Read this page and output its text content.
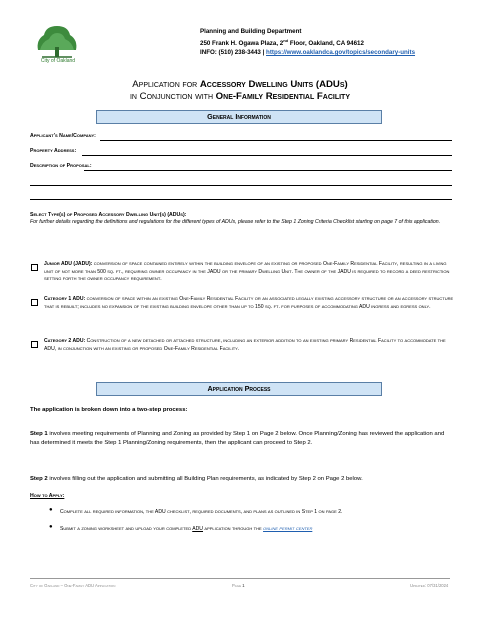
City of Oakland
Planning and Building Department
250 Frank H. Ogawa Plaza, 2nd Floor, Oakland, CA 94612
INFO: (510) 238-3443 | https://www.oaklandca.gov/topics/secondary-units
Application for Accessory Dwelling Units (ADUs)
in Conjunction with One-Family Residential Facility
General Information
Applicant's Name/Company:
Property Address:
Description of Proposal:
Select Type(s) of Proposed Accessory Dwelling Unit(s) (ADUs):
For further details regarding the definitions and regulations for the different types of ADUs, please refer to the Step 1 Zoning Criteria Checklist starting on page 7 of this application.
Junior ADU (JADU): conversion of space contained entirely within the building envelope of an existing or proposed One-Family Residential Facility, resulting in a living unit of not more than 500 sq. ft., requiring owner occupancy in the JADU or the primary Dwelling Unit. The owner of the JADU is required to record a deed restriction setting forth the owner occupancy requirement.
Category 1 ADU: conversion of space within an existing One-Family Residential Facility or an associated legally existing accessory structure or an accessory structure that is rebuilt; includes no expansion of the existing building envelope other than up to 150 sq. ft. for purposes of accommodating ADU ingress and egress only.
Category 2 ADU: Construction of a new detached or attached structure, including an exterior addition to an existing primary Residential Facility to accommodate the ADU, in conjunction with an existing or proposed One-Family Residential Facility.
Application Process
The application is broken down into a two-step process:
Step 1 involves meeting requirements of Planning and Zoning as provided by Step 1 on Page 2 below. Once Planning/Zoning has reviewed the application and has determined it meets the Step 1 Planning/Zoning requirements, then the applicant can proceed to Step 2.
Step 2 involves filling out the application and submitting all Building Plan requirements, as indicated by Step 2 on Page 2 below.
How to Apply:
● Complete all required information, the ADU checklist, required documents, and plans as outlined in Step 1 on page 2.
● Submit a zoning worksheet and upload your completed ADU application through the online permit center
City of Oakland – One-Family ADU Application	Page 1	Updated: 07/31/2024
